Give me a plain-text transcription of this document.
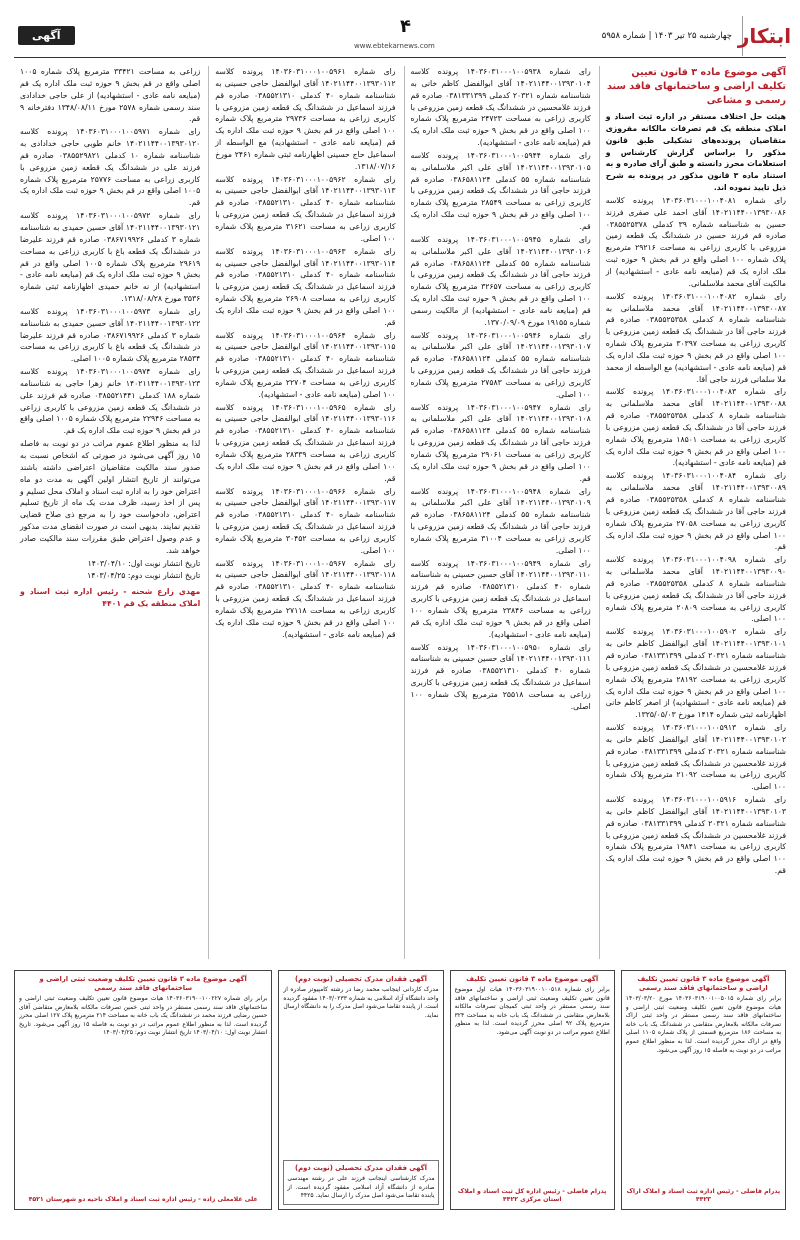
ابتکار
چهارشنبه ۲۵ تیر ۱۴۰۳ | شماره ۵۹۵۸
۴
www.ebtekarnews.com
آگهی
آگهی موضوع ماده ۳ قانون تعیین تکلیف اراضی و ساختمانهای فاقد سند رسمی و مشاعی

هیئت حل اختلاف مستقر در اداره ثبت اسناد و املاک منطقه یک قم تصرفات مالکانه مفروزی متقاضیان پرونده‌های تشکیلی طبق قانون مذکور را براساس گزارش کارشناس و استعلامات محرز دانسته و طبق آرای صادره و به استناد ماده ۳ قانون مذکور در پرونده به شرح ذیل تایید نموده اند.

رای شماره ۱۴۰۳۶۰۳۱۰۰۰۱۰۰۴۰۸۱ پرونده کلاسه ۱۴۰۲۱۱۴۴۰۰۱۳۹۳۰۰۸۶ آقای احمد علی صفری فرزند حسین به شناسنامه شماره ۳۹ کدملی ۰۳۸۵۵۲۵۳۷۸ صادره قم فرزند حسین در ششدانگ یک قطعه زمین مزروعی با کاربری زراعی به مساحت ۲۹۲۱۶ مترمربع پلاک شماره ۱۰۰ اصلی واقع در قم بخش ۹ حوزه ثبت ملک اداره یک قم (مبایعه نامه عادی - استشهادیه) از مالکیت آقای محمد ملاسلمانی.

رای شماره ۱۴۰۳۶۰۳۱۰۰۰۱۰۰۴۰۸۲ پرونده کلاسه ۱۴۰۲۱۱۴۴۰۰۱۳۹۳۰۰۸۷ آقای محمد ملاسلمانی به شناسنامه شماره ۸ کدملی ۰۳۸۵۵۲۵۳۵۸ صادره قم فرزند حاجی آقا در ششدانگ یک قطعه زمین مزروعی با کاربری زراعی به مساحت ۳۰۳۹۷ مترمربع پلاک شماره ۱۰۰ اصلی واقع در قم بخش ۹ حوزه ثبت ملک اداره یک قم (مبایعه نامه عادی - استشهادیه) مع الواسطه از محمد ملا سلمانی فرزند حاجی آقا.

رای شماره ۱۴۰۳۶۰۳۱۰۰۰۱۰۰۴۰۸۳ پرونده کلاسه ۱۴۰۲۱۱۴۴۰۰۱۳۹۳۰۰۸۸ آقای محمد ملاسلمانی به شناسنامه شماره ۸ کدملی ۰۳۸۵۵۲۵۳۵۸ صادره قم فرزند حاجی آقا در ششدانگ یک قطعه زمین مزروعی با کاربری زراعی به مساحت ۱۸۵۰۱ مترمربع پلاک شماره ۱۰۰ اصلی واقع در قم بخش ۹ حوزه ثبت ملک اداره یک قم (مبایعه نامه عادی - استشهادیه).

رای شماره ۱۴۰۳۶۰۳۱۰۰۰۱۰۰۴۰۸۴ پرونده کلاسه ۱۴۰۲۱۱۴۴۰۰۱۳۹۳۰۰۸۹ آقای محمد ملاسلمانی به شناسنامه شماره ۸ کدملی ۰۳۸۵۵۲۵۳۵۸ صادره قم فرزند حاجی آقا در ششدانگ یک قطعه زمین مزروعی با کاربری زراعی به مساحت ۲۷۰۵۸ مترمربع پلاک شماره ۱۰۰ اصلی واقع در قم بخش ۹ حوزه ثبت ملک اداره یک قم.

رای شماره ۱۴۰۳۶۰۳۱۰۰۰۱۰۰۴۰۹۸ پرونده کلاسه ۱۴۰۲۱۱۴۴۰۰۱۳۹۳۰۰۹۰ آقای محمد ملاسلمانی به شناسنامه شماره ۸ کدملی ۰۳۸۵۵۲۵۳۵۸ صادره قم فرزند حاجی آقا در ششدانگ یک قطعه زمین مزروعی با کاربری زراعی به مساحت ۲۰۸۰۹ مترمربع پلاک شماره ۱۰۰ اصلی.

رای شماره ۱۴۰۳۶۰۳۱۰۰۰۱۰۰۵۹۰۲ پرونده کلاسه ۱۴۰۲۱۱۴۴۰۰۱۳۹۳۰۱۰۱ آقای ابوالفضل کاظم خانی به شناسنامه شماره ۲۰۳۲۱ کدملی ۰۳۸۱۳۳۱۳۹۹ صادره قم فرزند غلامحسین در ششدانگ یک قطعه زمین مزروعی با کاربری زراعی به مساحت ۲۸۱۹۲ مترمربع پلاک شماره ۱۰۰ اصلی واقع در قم بخش ۹ حوزه ثبت ملک اداره یک قم (مبایعه نامه عادی - استشهادیه) از اصغر کاظم خانی اظهارنامه ثبتی شماره ۱۴۱۴ مورخ ۱۳۲۵/۰۵/۰۳.

رای شماره ۱۴۰۳۶۰۳۱۰۰۰۱۰۰۵۹۱۳ پرونده کلاسه ۱۴۰۲۱۱۴۴۰۰۱۳۹۳۰۱۰۲ آقای ابوالفضل کاظم خانی به شناسنامه شماره ۲۰۳۲۱ کدملی ۰۳۸۱۳۳۱۳۹۹ صادره قم فرزند غلامحسین در ششدانگ یک قطعه زمین مزروعی با کاربری زراعی به مساحت ۲۱۰۹۲ مترمربع پلاک شماره ۱۰۰ اصلی.

رای شماره ۱۴۰۳۶۰۳۱۰۰۰۱۰۰۵۹۱۶ پرونده کلاسه ۱۴۰۲۱۱۴۴۰۰۱۳۹۳۰۱۰۳ آقای ابوالفضل کاظم خانی به شناسنامه شماره ۲۰۳۲۱ کدملی ۰۳۸۱۳۳۱۳۹۹ صادره قم فرزند غلامحسین در ششدانگ یک قطعه زمین مزروعی با کاربری زراعی به مساحت ۱۹۸۴۱ مترمربع پلاک شماره ۱۰۰ اصلی واقع در قم بخش ۹ حوزه ثبت ملک اداره یک قم.

رای شماره ۱۴۰۳۶۰۳۱۰۰۰۱۰۰۵۹۳۸ پرونده کلاسه ۱۴۰۲۱۱۴۴۰۰۱۳۹۳۰۱۰۴ آقای ابوالفضل کاظم خانی به شناسنامه شماره ۲۰۳۲۱ کدملی ۰۳۸۱۳۳۱۳۹۹ صادره قم فرزند غلامحسین در ششدانگ یک قطعه زمین مزروعی با کاربری زراعی به مساحت ۲۴۷۲۳ مترمربع پلاک شماره ۱۰۰ اصلی واقع در قم بخش ۹ حوزه ثبت ملک اداره یک قم (مبایعه نامه عادی - استشهادیه).

رای شماره ۱۴۰۳۶۰۳۱۰۰۰۱۰۰۵۹۴۴ پرونده کلاسه ۱۴۰۲۱۱۴۴۰۰۱۳۹۳۰۱۰۵ آقای علی اکبر ملاسلمانی به شناسنامه شماره ۵۵ کدملی ۰۳۸۶۵۸۱۱۲۴ صادره قم فرزند حاجی آقا در ششدانگ یک قطعه زمین مزروعی با کاربری زراعی به مساحت ۲۸۵۴۹ مترمربع پلاک شماره ۱۰۰ اصلی واقع در قم بخش ۹ حوزه ثبت ملک اداره یک قم.

رای شماره ۱۴۰۳۶۰۳۱۰۰۰۱۰۰۵۹۴۵ پرونده کلاسه ۱۴۰۲۱۱۴۴۰۰۱۳۹۳۰۱۰۶ آقای علی اکبر ملاسلمانی به شناسنامه شماره ۵۵ کدملی ۰۳۸۶۵۸۱۱۲۴ صادره قم فرزند حاجی آقا در ششدانگ یک قطعه زمین مزروعی با کاربری زراعی به مساحت ۳۲۶۵۷ مترمربع پلاک شماره ۱۰۰ اصلی واقع در قم بخش ۹ حوزه ثبت ملک اداره یک قم (مبایعه نامه عادی - استشهادیه) از مالکیت رسمی شماره ۱۹۱۵۵ مورخ ۱۳۷۰/۰۹/۰۹.

رای شماره ۱۴۰۳۶۰۳۱۰۰۰۱۰۰۵۹۴۶ پرونده کلاسه ۱۴۰۲۱۱۴۴۰۰۱۳۹۳۰۱۰۷ آقای علی اکبر ملاسلمانی به شناسنامه شماره ۵۵ کدملی ۰۳۸۶۵۸۱۱۲۴ صادره قم فرزند حاجی آقا در ششدانگ یک قطعه زمین مزروعی با کاربری زراعی به مساحت ۲۷۵۸۳ مترمربع پلاک شماره ۱۰۰ اصلی.

رای شماره ۱۴۰۳۶۰۳۱۰۰۰۱۰۰۵۹۴۷ پرونده کلاسه ۱۴۰۲۱۱۴۴۰۰۱۳۹۳۰۱۰۸ آقای علی اکبر ملاسلمانی به شناسنامه شماره ۵۵ کدملی ۰۳۸۶۵۸۱۱۲۴ صادره قم فرزند حاجی آقا در ششدانگ یک قطعه زمین مزروعی با کاربری زراعی به مساحت ۲۹۰۶۱ مترمربع پلاک شماره ۱۰۰ اصلی واقع در قم بخش ۹ حوزه ثبت ملک اداره یک قم.

رای شماره ۱۴۰۳۶۰۳۱۰۰۰۱۰۰۵۹۴۸ پرونده کلاسه ۱۴۰۲۱۱۴۴۰۰۱۳۹۳۰۱۰۹ آقای علی اکبر ملاسلمانی به شناسنامه شماره ۵۵ کدملی ۰۳۸۶۵۸۱۱۲۴ صادره قم فرزند حاجی آقا در ششدانگ یک قطعه زمین مزروعی با کاربری زراعی به مساحت ۳۱۰۰۴ مترمربع پلاک شماره ۱۰۰ اصلی.

رای شماره ۱۴۰۳۶۰۳۱۰۰۰۱۰۰۵۹۴۹ پرونده کلاسه ۱۴۰۲۱۱۴۴۰۰۱۳۹۳۰۱۱۰ آقای حسین حسینی به شناسنامه شماره ۴۰ کدملی ۰۳۸۵۵۲۱۳۱۰ صادره قم فرزند اسماعیل در ششدانگ یک قطعه زمین مزروعی با کاربری زراعی به مساحت ۲۳۸۴۶ مترمربع پلاک شماره ۱۰۰ اصلی واقع در قم بخش ۹ حوزه ثبت ملک اداره یک قم (مبایعه نامه عادی - استشهادیه).

رای شماره ۱۴۰۳۶۰۳۱۰۰۰۱۰۰۵۹۵۰ پرونده کلاسه ۱۴۰۲۱۱۴۴۰۰۱۳۹۳۰۱۱۱ آقای حسین حسینی به شناسنامه شماره ۴۰ کدملی ۰۳۸۵۵۲۱۳۱۰ صادره قم فرزند اسماعیل در ششدانگ یک قطعه زمین مزروعی با کاربری زراعی به مساحت ۲۵۵۱۸ مترمربع پلاک شماره ۱۰۰ اصلی.

رای شماره ۱۴۰۳۶۰۳۱۰۰۰۱۰۰۵۹۶۱ پرونده کلاسه ۱۴۰۲۱۱۴۴۰۰۱۳۹۳۰۱۱۲ آقای ابوالفضل حاجی حسینی به شناسنامه شماره ۴۰ کدملی ۰۳۸۵۵۲۱۳۱۰ صادره قم فرزند اسماعیل در ششدانگ یک قطعه زمین مزروعی با کاربری زراعی به مساحت ۲۹۷۳۶ مترمربع پلاک شماره ۱۰۰ اصلی واقع در قم بخش ۹ حوزه ثبت ملک اداره یک قم (مبایعه نامه عادی - استشهادیه) مع الواسطه از اسماعیل حاج حسینی اظهارنامه ثبتی شماره ۲۴۶۱ مورخ ۱۳۱۸/۰۷/۱۶.

رای شماره ۱۴۰۳۶۰۳۱۰۰۰۱۰۰۵۹۶۲ پرونده کلاسه ۱۴۰۲۱۱۴۴۰۰۱۳۹۳۰۱۱۳ آقای ابوالفضل حاجی حسینی به شناسنامه شماره ۴۰ کدملی ۰۳۸۵۵۲۱۳۱۰ صادره قم فرزند اسماعیل در ششدانگ یک قطعه زمین مزروعی با کاربری زراعی به مساحت ۳۱۶۲۱ مترمربع پلاک شماره ۱۰۰ اصلی.

رای شماره ۱۴۰۳۶۰۳۱۰۰۰۱۰۰۵۹۶۳ پرونده کلاسه ۱۴۰۲۱۱۴۴۰۰۱۳۹۳۰۱۱۴ آقای ابوالفضل حاجی حسینی به شناسنامه شماره ۴۰ کدملی ۰۳۸۵۵۲۱۳۱۰ صادره قم فرزند اسماعیل در ششدانگ یک قطعه زمین مزروعی با کاربری زراعی به مساحت ۲۶۹۰۸ مترمربع پلاک شماره ۱۰۰ اصلی واقع در قم بخش ۹ حوزه ثبت ملک اداره یک قم.

رای شماره ۱۴۰۳۶۰۳۱۰۰۰۱۰۰۵۹۶۴ پرونده کلاسه ۱۴۰۲۱۱۴۴۰۰۱۳۹۳۰۱۱۵ آقای ابوالفضل حاجی حسینی به شناسنامه شماره ۴۰ کدملی ۰۳۸۵۵۲۱۳۱۰ صادره قم فرزند اسماعیل در ششدانگ یک قطعه زمین مزروعی با کاربری زراعی به مساحت ۲۲۷۰۴ مترمربع پلاک شماره ۱۰۰ اصلی (مبایعه نامه عادی - استشهادیه).

رای شماره ۱۴۰۳۶۰۳۱۰۰۰۱۰۰۵۹۶۵ پرونده کلاسه ۱۴۰۲۱۱۴۴۰۰۱۳۹۳۰۱۱۶ آقای ابوالفضل حاجی حسینی به شناسنامه شماره ۴۰ کدملی ۰۳۸۵۵۲۱۳۱۰ صادره قم فرزند اسماعیل در ششدانگ یک قطعه زمین مزروعی با کاربری زراعی به مساحت ۲۸۳۳۹ مترمربع پلاک شماره ۱۰۰ اصلی واقع در قم بخش ۹ حوزه ثبت ملک اداره یک قم.

رای شماره ۱۴۰۳۶۰۳۱۰۰۰۱۰۰۵۹۶۶ پرونده کلاسه ۱۴۰۲۱۱۴۴۰۰۱۳۹۳۰۱۱۷ آقای ابوالفضل حاجی حسینی به شناسنامه شماره ۴۰ کدملی ۰۳۸۵۵۲۱۳۱۰ صادره قم فرزند اسماعیل در ششدانگ یک قطعه زمین مزروعی با کاربری زراعی به مساحت ۳۰۴۵۲ مترمربع پلاک شماره ۱۰۰ اصلی.

رای شماره ۱۴۰۳۶۰۳۱۰۰۰۱۰۰۵۹۶۷ پرونده کلاسه ۱۴۰۲۱۱۴۴۰۰۱۳۹۳۰۱۱۸ آقای ابوالفضل حاجی حسینی به شناسنامه شماره ۴۰ کدملی ۰۳۸۵۵۲۱۳۱۰ صادره قم فرزند اسماعیل در ششدانگ یک قطعه زمین مزروعی با کاربری زراعی به مساحت ۲۷۱۱۸ مترمربع پلاک شماره ۱۰۰ اصلی واقع در قم بخش ۹ حوزه ثبت ملک اداره یک قم (مبایعه نامه عادی - استشهادیه).

زراعی به مساحت ۳۳۴۲۱ مترمربع پلاک شماره ۱۰۰۵ اصلی واقع در قم بخش ۹ حوزه ثبت ملک اداره یک قم (مبایعه نامه عادی - استشهادیه) از علی حاجی خدادادی سند رسمی شماره ۲۵۷۸ مورخ ۱۳۴۸/۰۸/۱۱ دفترخانه ۹ قم.

رای شماره ۱۴۰۳۶۰۳۱۰۰۰۱۰۰۵۹۷۱ پرونده کلاسه ۱۴۰۲۱۱۴۴۰۰۱۳۹۳۰۱۲۰ خانم طوبی حاجی خدادادی به شناسنامه شماره ۱۰ کدملی ۰۳۸۵۵۲۹۸۲۱ صادره قم فرزند علی در ششدانگ یک قطعه زمین مزروعی با کاربری زراعی به مساحت ۲۵۷۷۶ مترمربع پلاک شماره ۱۰۰۵ اصلی واقع در قم بخش ۹ حوزه ثبت ملک اداره یک قم.

رای شماره ۱۴۰۳۶۰۳۱۰۰۰۱۰۰۵۹۷۲ پرونده کلاسه ۱۴۰۲۱۱۴۴۰۰۱۳۹۳۰۱۲۱ آقای حسین حمیدی به شناسنامه شماره ۳ کدملی ۰۳۸۶۷۱۹۹۲۶ صادره قم فرزند علیرضا در ششدانگ یک قطعه باغ با کاربری زراعی به مساحت ۲۹۶۱۹ مترمربع پلاک شماره ۱۰۰۵ اصلی واقع در قم بخش ۹ حوزه ثبت ملک اداره یک قم (مبایعه نامه عادی - استشهادیه) از نه خانم حمیدی اظهارنامه ثبتی شماره ۳۵۳۶ مورخ ۱۳۱۸/۰۸/۲۸.

رای شماره ۱۴۰۳۶۰۳۱۰۰۰۱۰۰۵۹۷۳ پرونده کلاسه ۱۴۰۲۱۱۴۴۰۰۱۳۹۳۰۱۲۲ آقای حسین حمیدی به شناسنامه شماره ۳ کدملی ۰۳۸۶۷۱۹۹۲۶ صادره قم فرزند علیرضا در ششدانگ یک قطعه باغ با کاربری زراعی به مساحت ۲۸۵۳۴ مترمربع پلاک شماره ۱۰۰۵ اصلی.

رای شماره ۱۴۰۳۶۰۳۱۰۰۰۱۰۰۵۹۷۴ پرونده کلاسه ۱۴۰۲۱۱۴۴۰۰۱۳۹۳۰۱۲۳ خانم زهرا حاجی به شناسنامه شماره ۱۸۸ کدملی ۰۳۸۵۵۲۱۴۴۱ صادره قم فرزند علی در ششدانگ یک قطعه زمین مزروعی با کاربری زراعی به مساحت ۲۲۹۴۶ مترمربع پلاک شماره ۱۰۰۵ اصلی واقع در قم بخش ۹ حوزه ثبت ملک اداره یک قم.

لذا به منظور اطلاع عموم مراتب در دو نوبت به فاصله ۱۵ روز آگهی می‌شود در صورتی که اشخاص نسبت به صدور سند مالکیت متقاضیان اعتراضی داشته باشند می‌توانند از تاریخ انتشار اولین آگهی به مدت دو ماه اعتراض خود را به اداره ثبت اسناد و املاک محل تسلیم و پس از اخذ رسید، ظرف مدت یک ماه از تاریخ تسلیم اعتراض، دادخواست خود را به مرجع ذی صلاح قضایی تقدیم نمایند. بدیهی است در صورت انقضای مدت مذکور و عدم وصول اعتراض طبق مقررات سند مالکیت صادر خواهد شد.

تاریخ انتشار نوبت اول: ۱۴۰۳/۰۴/۱۰

تاریخ انتشار نوبت دوم: ۱۴۰۳/۰۴/۲۵

مهدی زارع شحنه - رئیس اداره ثبت اسناد و املاک منطقه یک قم ۴۴۰۱

آگهی موضوع ماده ۳ قانون تعیین تکلیف اراضی و ساختمانهای فاقد سند رسمی
برابر رای شماره ۱۴۰۳۶۰۳۱۹۰۰۱۰۰۵۰۱۵ مورخ ۱۴۰۳/۰۳/۲۰ هیات موضوع قانون تعیین تکلیف وضعیت ثبتی اراضی و ساختمانهای فاقد سند رسمی مستقر در واحد ثبتی اراک تصرفات مالکانه بلامعارض متقاضی در ششدانگ یک باب خانه به مساحت ۱۸۶ مترمربع قسمتی از پلاک شماره ۱۱۰۵ اصلی واقع در اراک محرز گردیده است. لذا به منظور اطلاع عموم مراتب در دو نوبت به فاصله ۱۵ روز آگهی می‌شود.
پدرام فاضلی - رئیس اداره ثبت اسناد و املاک اراک ۴۴۲۳
آگهی موضوع ماده ۳ قانون تعیین تکلیف
برابر رای شماره ۱۴۰۳۶۰۳۱۹۰۰۱۰۰۵۱۸ هیات اول موضوع قانون تعیین تکلیف وضعیت ثبتی اراضی و ساختمانهای فاقد سند رسمی مستقر در واحد ثبتی کمیجان تصرفات مالکانه بلامعارض متقاضی در ششدانگ یک باب خانه به مساحت ۳۲۴ مترمربع پلاک ۹۲ اصلی محرز گردیده است. لذا به منظور اطلاع عموم مراتب در دو نوبت آگهی می‌شود.
پدرام فاضلی - رئیس اداره کل ثبت اسناد و املاک استان مرکزی ۴۴۲۲
آگهی فقدان مدرک تحصیلی (نوبت دوم)
مدرک کاردانی اینجانب محمد رضا در رشته کامپیوتر صادره از واحد دانشگاه آزاد اسلامی به شماره ۱۴۰۳/۰۲۳۳ مفقود گردیده است. از یابنده تقاضا می‌شود اصل مدرک را به دانشگاه ارسال نماید.
آگهی فقدان مدرک تحصیلی (نوبت دوم)
مدرک کارشناسی اینجانب فرزند علی در رشته مهندسی صادره از دانشگاه آزاد اسلامی مفقود گردیده است. از یابنده تقاضا می‌شود اصل مدرک را ارسال نماید. ۴۴۲۵
آگهی موضوع ماده ۳ قانون تعیین تکلیف وضعیت ثبتی اراضی و ساختمانهای فاقد سند رسمی
برابر رای شماره ۱۴۰۳۶۰۳۱۹۰۰۱۰۰۲۲۷ هیات موضوع قانون تعیین تکلیف وضعیت ثبتی اراضی و ساختمانهای فاقد سند رسمی مستقر در واحد ثبتی خمین تصرفات مالکانه بلامعارض متقاضی آقای حسین رضایی فرزند محمد در ششدانگ یک باب خانه به مساحت ۲۱۴ مترمربع پلاک ۱۲۷ اصلی محرز گردیده است. لذا به منظور اطلاع عموم مراتب در دو نوبت به فاصله ۱۵ روز آگهی می‌شود. تاریخ انتشار نوبت اول: ۱۴۰۳/۰۴/۱۰ تاریخ انتشار نوبت دوم: ۱۴۰۳/۰۴/۲۵
علی غلامعلی زاده - رئیس اداره ثبت اسناد و املاک ناحیه دو شهرستان ۴۵۲۱
